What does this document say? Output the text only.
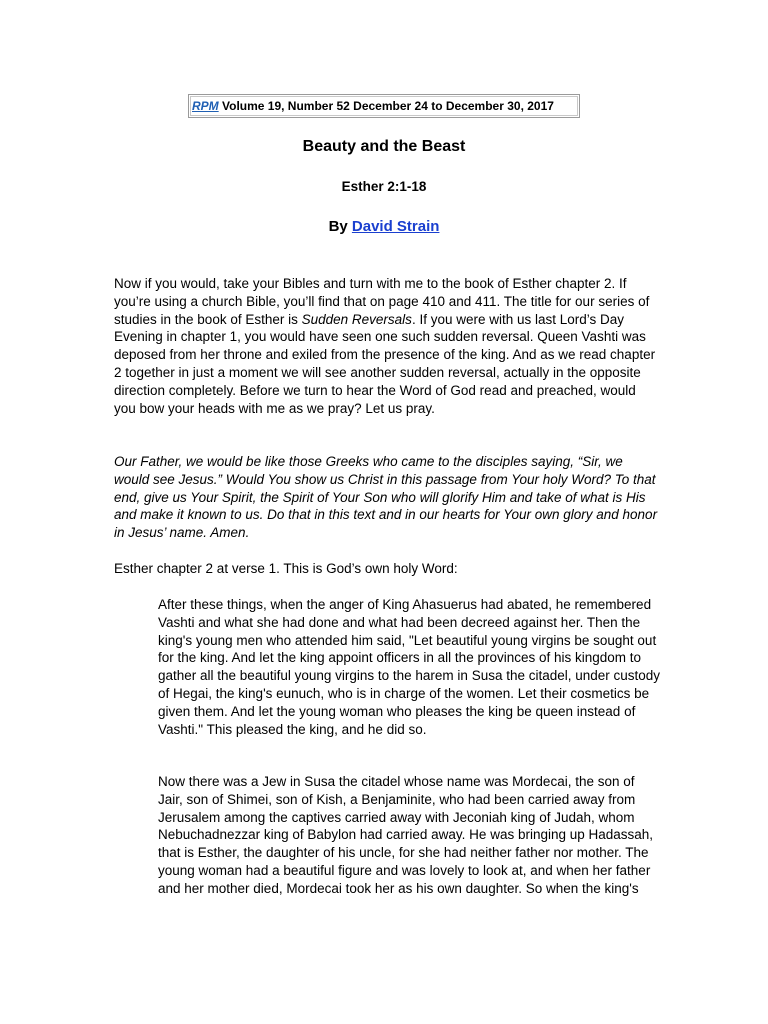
RPM Volume 19, Number 52 December 24 to December 30, 2017
Beauty and the Beast
Esther 2:1-18
By David Strain

Now if you would, take your Bibles and turn with me to the book of Esther chapter 2. If you’re using a church Bible, you’ll find that on page 410 and 411. The title for our series of studies in the book of Esther is Sudden Reversals. If you were with us last Lord’s Day Evening in chapter 1, you would have seen one such sudden reversal. Queen Vashti was deposed from her throne and exiled from the presence of the king. And as we read chapter 2 together in just a moment we will see another sudden reversal, actually in the opposite direction completely. Before we turn to hear the Word of God read and preached, would you bow your heads with me as we pray? Let us pray.

Our Father, we would be like those Greeks who came to the disciples saying, “Sir, we would see Jesus.” Would You show us Christ in this passage from Your holy Word? To that end, give us Your Spirit, the Spirit of Your Son who will glorify Him and take of what is His and make it known to us. Do that in this text and in our hearts for Your own glory and honor in Jesus’ name. Amen.

Esther chapter 2 at verse 1. This is God’s own holy Word:

After these things, when the anger of King Ahasuerus had abated, he remembered Vashti and what she had done and what had been decreed against her. Then the king's young men who attended him said, "Let beautiful young virgins be sought out for the king. And let the king appoint officers in all the provinces of his kingdom to gather all the beautiful young virgins to the harem in Susa the citadel, under custody of Hegai, the king's eunuch, who is in charge of the women. Let their cosmetics be given them. And let the young woman who pleases the king be queen instead of Vashti." This pleased the king, and he did so.

Now there was a Jew in Susa the citadel whose name was Mordecai, the son of Jair, son of Shimei, son of Kish, a Benjaminite, who had been carried away from Jerusalem among the captives carried away with Jeconiah king of Judah, whom Nebuchadnezzar king of Babylon had carried away. He was bringing up Hadassah, that is Esther, the daughter of his uncle, for she had neither father nor mother. The young woman had a beautiful figure and was lovely to look at, and when her father and her mother died, Mordecai took her as his own daughter. So when the king's
